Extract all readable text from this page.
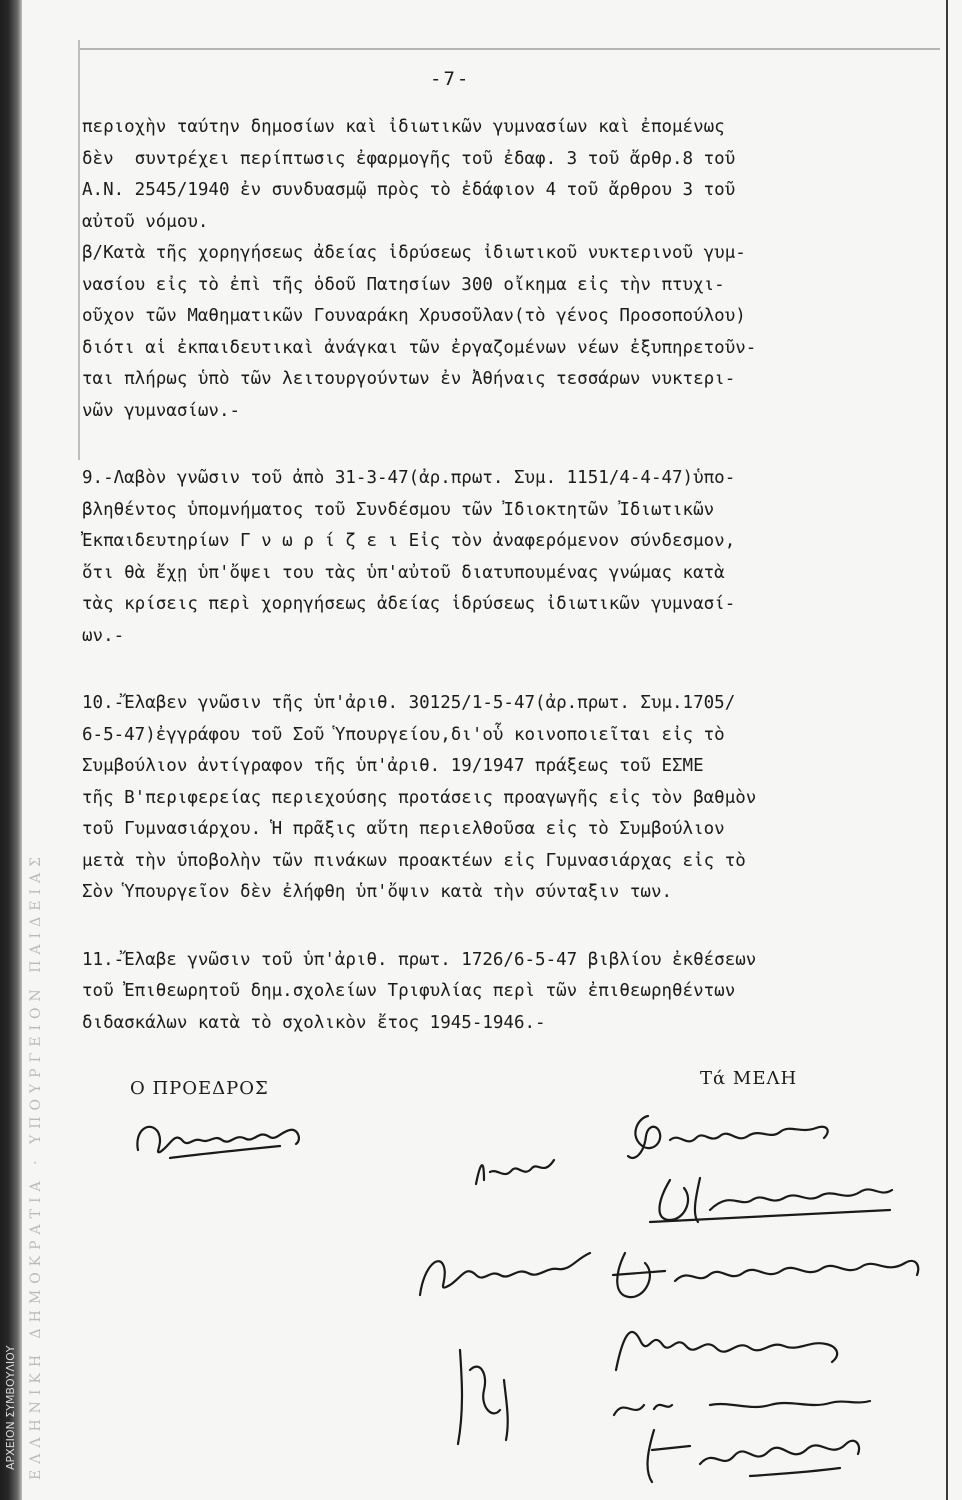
ΕΛΛΗΝΙΚΗ ΔΗΜΟΚΡΑΤΙΑ · ΥΠΟΥΡΓΕΙΟΝ ΠΑΙΔΕΙΑΣ
ΑΡΧΕΙΟΝ ΣΥΜΒΟΥΛΙΟΥ
-7-
περιοχὴν ταύτην δημοσίων καὶ ἰδιωτικῶν γυμνασίων καὶ ἐπομένως
δὲν  συντρέχει περίπτωσις ἐφαρμογῆς τοῦ ἐδαφ. 3 τοῦ ἄρθρ.8 τοῦ
Α.Ν. 2545/1940 ἐν συνδυασμῷ πρὸς τὸ ἐδάφιον 4 τοῦ ἄρθρου 3 τοῦ
αὐτοῦ νόμου.
β/Κατὰ τῆς χορηγήσεως ἀδείας ἱδρύσεως ἰδιωτικοῦ νυκτερινοῦ γυμ-
νασίου εἰς τὸ ἐπὶ τῆς ὁδοῦ Πατησίων 300 οἴκημα εἰς τὴν πτυχι-
οῦχον τῶν Μαθηματικῶν Γουναράκη Χρυσοῦλαν(τὸ γένος Προσοπούλου)
διότι αἱ ἐκπαιδευτικαὶ ἀνάγκαι τῶν ἐργαζομένων νέων ἐξυπηρετοῦν-
ται πλήρως ὑπὸ τῶν λειτουργούντων ἐν Ἀθήναις τεσσάρων νυκτερι-
νῶν γυμνασίων.-
9.-Λαβὸν γνῶσιν τοῦ ἀπὸ 31-3-47(ἀρ.πρωτ. Συμ. 1151/4-4-47)ὑπο-
βληθέντος ὑπομνήματος τοῦ Συνδέσμου τῶν Ἰδιοκτητῶν Ἰδιωτικῶν
Ἐκπαιδευτηρίων Γ ν ω ρ ί ζ ε ι Εἰς τὸν ἀναφερόμενον σύνδεσμον,
ὅτι θὰ ἔχῃ ὑπ'ὄψει του τὰς ὑπ'αὐτοῦ διατυπουμένας γνώμας κατὰ
τὰς κρίσεις περὶ χορηγήσεως ἀδείας ἱδρύσεως ἰδιωτικῶν γυμνασί-
ων.-
10.-Ἔλαβεν γνῶσιν τῆς ὑπ'ἀριθ. 30125/1-5-47(ἀρ.πρωτ. Συμ.1705/
6-5-47)ἐγγράφου τοῦ Σοῦ Ὑπουργείου,δι'οὗ κοινοποιεῖται εἰς τὸ
Συμβούλιον ἀντίγραφον τῆς ὑπ'ἀριθ. 19/1947 πράξεως τοῦ ΕΣΜΕ
τῆς Β'περιφερείας περιεχούσης προτάσεις προαγωγῆς εἰς τὸν βαθμὸν
τοῦ Γυμνασιάρχου. Ἡ πρᾶξις αὕτη περιελθοῦσα εἰς τὸ Συμβούλιον
μετὰ τὴν ὑποβολὴν τῶν πινάκων προακτέων εἰς Γυμνασιάρχας εἰς τὸ
Σὸν Ὑπουργεῖον δὲν ἐλήφθη ὑπ'ὄψιν κατὰ τὴν σύνταξιν των.
11.-Ἔλαβε γνῶσιν τοῦ ὑπ'ἀριθ. πρωτ. 1726/6-5-47 βιβλίου ἐκθέσεων
τοῦ Ἐπιθεωρητοῦ δημ.σχολείων Τριφυλίας περὶ τῶν ἐπιθεωρηθέντων
διδασκάλων κατὰ τὸ σχολικὸν ἔτος 1945-1946.-
Ο ΠΡΟΕΔΡΟΣ	Τά ΜΕΛΗ
